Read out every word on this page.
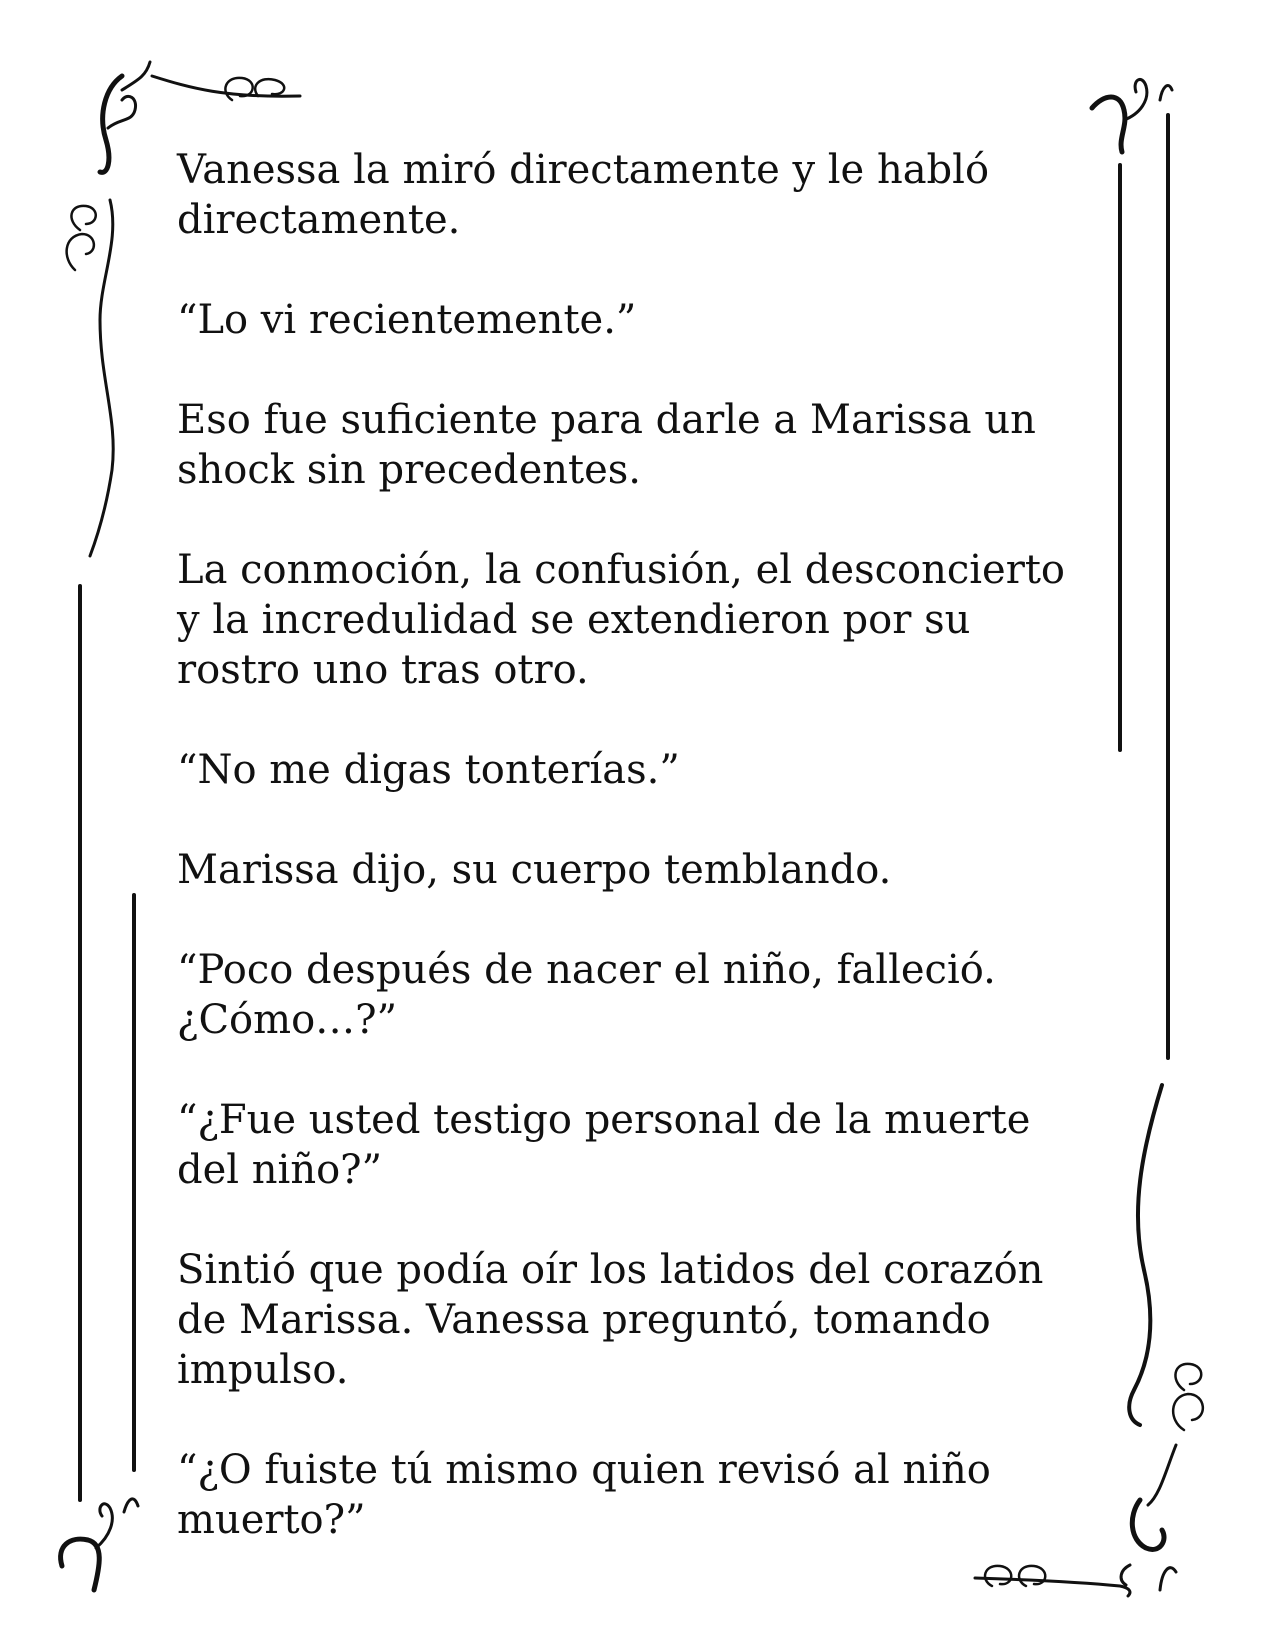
Vanessa la miró directamente y le habló directamente.

“Lo vi recientemente.”

Eso fue suficiente para darle a Marissa un shock sin precedentes.

La conmoción, la confusión, el desconcierto y la incredulidad se extendieron por su rostro uno tras otro.

“No me digas tonterías.”

Marissa dijo, su cuerpo temblando.

“Poco después de nacer el niño, falleció. ¿Cómo…?”

“¿Fue usted testigo personal de la muerte del niño?”

Sintió que podía oír los latidos del corazón de Marissa. Vanessa preguntó, tomando impulso.

“¿O fuiste tú mismo quien revisó al niño muerto?”
